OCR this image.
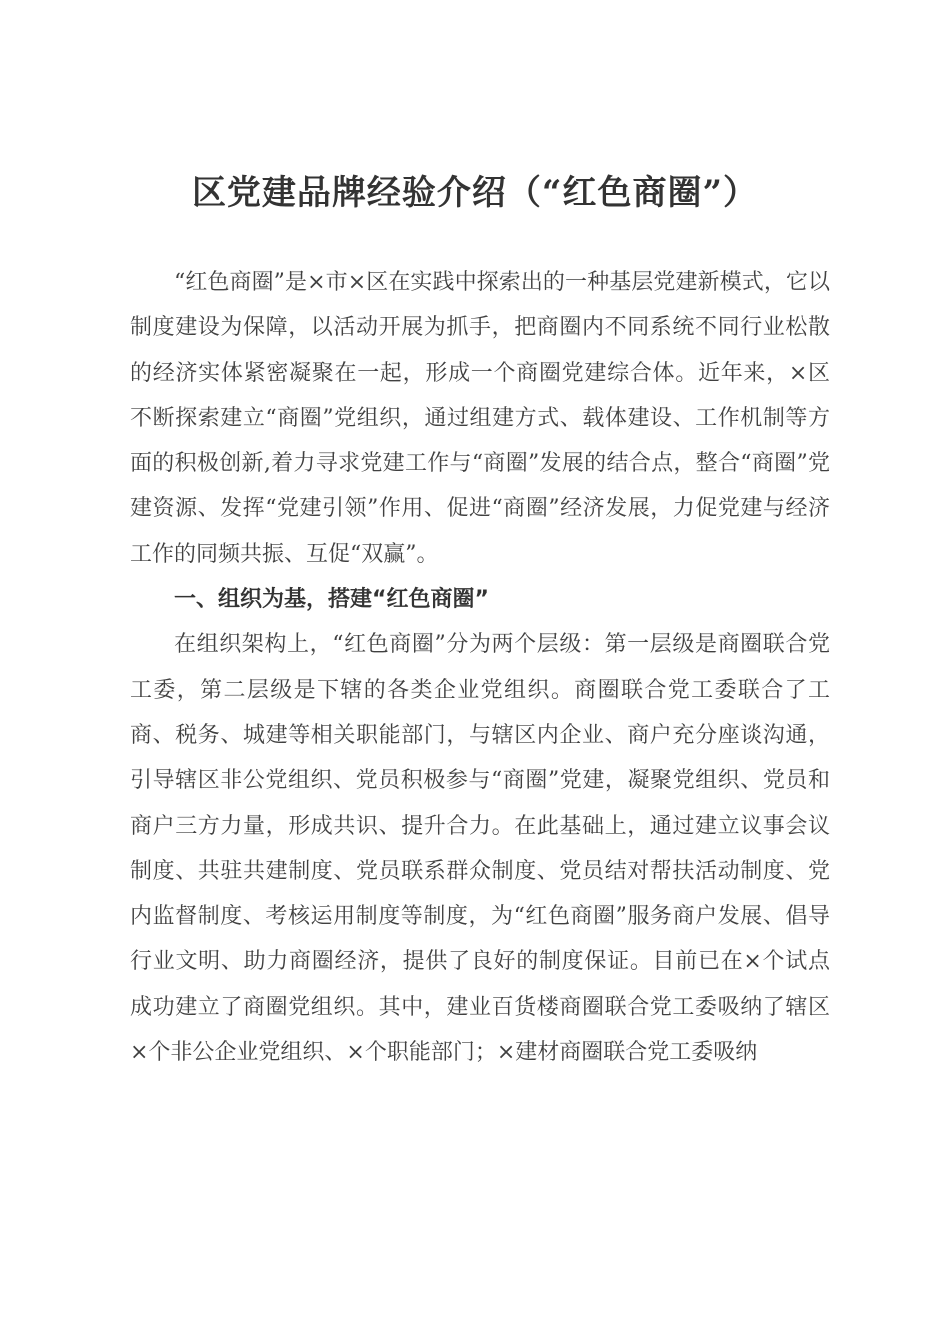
区党建品牌经验介绍（“红色商圈”）

“红色商圈”是×市×区在实践中探索出的一种基层党建新模式，它以制度建设为保障，以活动开展为抓手，把商圈内不同系统不同行业松散的经济实体紧密凝聚在一起，形成一个商圈党建综合体。近年来，×区不断探索建立“商圈”党组织，通过组建方式、载体建设、工作机制等方面的积极创新,着力寻求党建工作与“商圈”发展的结合点，整合“商圈”党建资源、发挥“党建引领”作用、促进“商圈”经济发展，力促党建与经济工作的同频共振、互促“双赢”。

一、组织为基，搭建“红色商圈”

在组织架构上，“红色商圈”分为两个层级：第一层级是商圈联合党工委，第二层级是下辖的各类企业党组织。商圈联合党工委联合了工商、税务、城建等相关职能部门，与辖区内企业、商户充分座谈沟通，引导辖区非公党组织、党员积极参与“商圈”党建，凝聚党组织、党员和商户三方力量，形成共识、提升合力。在此基础上，通过建立议事会议制度、共驻共建制度、党员联系群众制度、党员结对帮扶活动制度、党内监督制度、考核运用制度等制度，为“红色商圈”服务商户发展、倡导行业文明、助力商圈经济，提供了良好的制度保证。目前已在×个试点成功建立了商圈党组织。其中，建业百货楼商圈联合党工委吸纳了辖区×个非公企业党组织、×个职能部门；×建材商圈联合党工委吸纳
